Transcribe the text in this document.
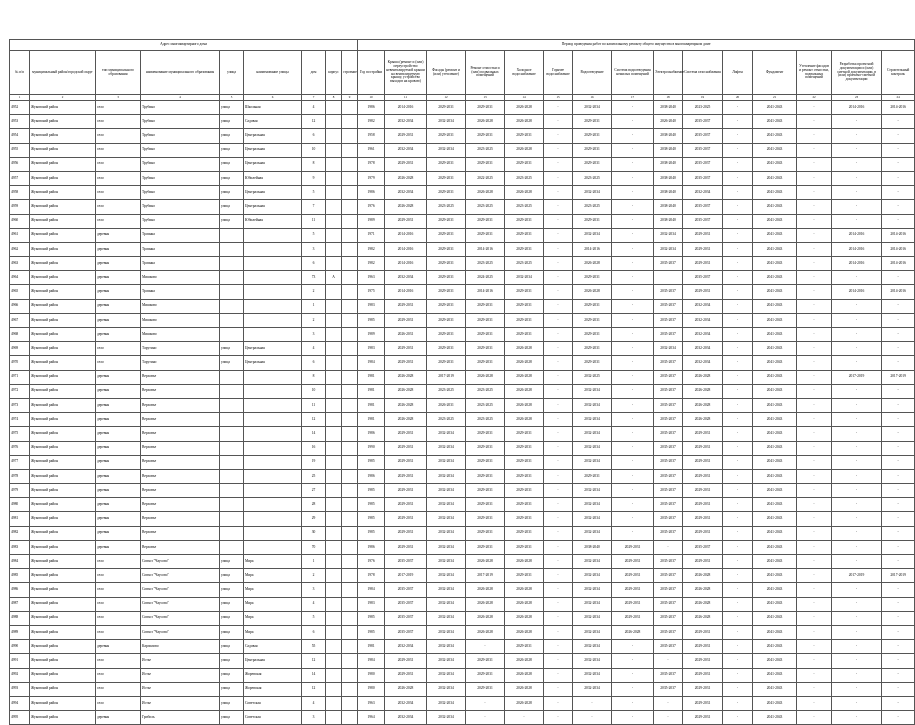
Адрес многоквартирного дома									Период проведения работ по капитальному ремонту общего имущества в многоквартирном доме														
№ п/п	муниципальный район/городской округ	тип муниципального образования	наименование муниципального образования	улица	наименование улицы	дом	корпус	строение	Год постройки	Крыша (ремонт и (или) переустройство невентилируемой крыши на вентилируемую крышу, устройство выходов на кровлю)	Фасады (ремонт и (или) утепление)	Ремонт отмостки и (или) подвальных помещений	Холодное водоснабжение	Горячее водоснабжение	Водоотведение	Система водоотведения нежилых помещений	Электроснабжение	Система газоснабжения	Лифты	Фундамент	Утепление фасадов и ремонт отмостки, подвальных помещений	Разработка проектной документации и (или) сметной документации, в (или) проектно-сметной документации	Строительный контроль
1	2	3	4	5	6	7	8	9	10	11	12	13	14	15	16	17	18	19	20	21	22	23	24
4952	Жуковский район	село	Трубино	улица	Школьная	4			1986	2014-2016	2029-2031	2029-2031	2026-2028	-	2032-2034	-	2038-2040	2023-2025	-	2041-2043	-	2014-2016	2014-2016
4953	Жуковский район	село	Трубино	улица	Садовая	12			1982	2032-2034	2032-2034	2026-2028	2026-2028	-	2029-2031	-	2026-2040	2035-2037	-	2041-2043	-	-	-
4954	Жуковский район	село	Трубино	улица	Центральная	6			1958	2029-2031	2029-2031	2029-2031	2029-2031	-	2029-2031	-	2038-2040	2035-2037	-	2041-2043	-	-	-
4955	Жуковский район	село	Трубино	улица	Центральная	10			1961	2032-2034	2032-2034	2023-2025	2026-2028	-	2029-2031	-	2038-2040	2035-2037	-	2041-2043	-	-	-
4956	Жуковский район	село	Трубино	улица	Центральная	8			1978	2029-2031	2029-2031	2029-2031	2029-2031	-	2029-2031	-	2038-2040	2035-2037	-	2041-2043	-	-	-
4957	Жуковский район	село	Трубино	улица	Юбилейная	9			1979	2026-2028	2029-2031	2022-2025	2023-2025	-	2023-2025	-	2038-2040	2035-2037	-	2041-2043	-	-	-
4958	Жуковский район	село	Трубино	улица	Центральная	5			1986	2032-2034	2029-2031	2026-2028	2026-2028	-	2032-2034	-	2038-2040	2032-2034	-	2041-2043	-	-	-
4959	Жуковский район	село	Трубино	улица	Центральная	7			1976	2026-2028	2023-2025	2023-2025	2023-2025	-	2023-2025	-	2038-2040	2035-2037	-	2041-2043	-	-	-
4960	Жуковский район	село	Трубино	улица	Юбилейная	11			1989	2029-2031	2029-2031	2029-2031	2029-2031	-	2029-2031	-	2038-2040	2035-2037	-	2041-2043	-	-	-
4961	Жуковский район	деревня	Троинка			5			1971	2014-2016	2029-2031	2029-2031	2029-2031	-	2032-2034	-	2032-2034	2029-2031	-	2041-2043	-	2014-2016	2014-2016
4962	Жуковский район	деревня	Троинка			3			1982	2014-2016	2029-2031	2014-2016	2029-2031	-	2014-2016	-	2032-2034	2029-2031	-	2041-2043	-	2014-2016	2014-2016
4963	Жуковский район	деревня	Троинка			6			1982	2014-2016	2029-2031	2023-2025	2023-2025	-	2026-2028	-	2035-2037	2029-2031	-	2041-2043	-	2014-2016	2014-2016
4964	Жуковский район	деревня	Мишково			73	А		1963	2032-2034	2029-2031	2024-2025	2032-2034	-	2029-2031	-		2035-2037	-	2041-2043	-	-	-
4965	Жуковский район	деревня	Троинка			2			1975	2014-2016	2029-2031	2014-2016	2029-2031	-	2026-2028	-	2035-2037	2029-2031	-	2041-2043	-	2014-2016	2014-2016
4966	Жуковский район	деревня	Мишково			1			1983	2029-2031	2029-2031	2029-2031	2029-2031	-	2029-2031	-	2035-2037	2032-2034	-	2041-2043	-	-	-
4967	Жуковский район	деревня	Мишково			2			1985	2029-2031	2029-2031	2029-2031	2029-2031	-	2029-2031	-	2035-2037	2032-2034	-	2041-2043	-	-	-
4968	Жуковский район	деревня	Мишково			3			1989	2026-2031	2029-2031	2029-2031	2029-2031	-	2029-2031	-	2035-2037	2032-2034	-	2041-2043	-	-	-
4969	Жуковский район	село	Тарутино	улица	Центральная	4			1983	2029-2031	2029-2031	2029-2031	2026-2028	-	2029-2031	-	2032-2034	2032-2034	-	2041-2043	-	-	-
4970	Жуковский район	село	Тарутино	улица	Центральная	6			1984	2029-2031	2029-2031	2029-2031	2026-2028	-	2029-2031	-	2035-2037	2032-2034	-	2041-2043	-	-	-
4971	Жуковский район	деревня	Верховье			8			1981	2026-2028	2017-2019	2026-2028	2026-2028	-	2032-2025	-	2035-2037	2026-2028	-	2041-2043	-	2017-2019	2017-2019
4972	Жуковский район	деревня	Верховье			10			1981	2026-2028	2023-2025	2023-2025	2026-2028	-	2032-2034	-	2035-2037	2026-2028	-	2041-2043	-	-	-
4973	Жуковский район	деревня	Верховье			11			1981	2026-2028	2026-2031	2023-2025	2026-2028	-	2032-2034	-	2035-2037	2026-2028	-	2041-2043	-	-	-
4974	Жуковский район	деревня	Верховье			12			1981	2026-2028	2023-2025	2023-2025	2026-2028	-	2032-2034	-	2035-2037	2026-2028	-	2041-2043	-	-	-
4975	Жуковский район	деревня	Верховье			14			1986	2029-2031	2032-2034	2029-2031	2029-2031	-	2032-2034	-	2035-2037	2029-2031	-	2041-2043	-	-	-
4976	Жуковский район	деревня	Верховье			16			1990	2029-2031	2032-2034	2029-2031	2029-2031	-	2032-2034	-	2035-2037	2029-2031	-	2041-2043	-	-	-
4977	Жуковский район	деревня	Верховье			19			1985	2029-2031	2032-2034	2029-2031	2029-2031	-	2032-2034	-	2035-2037	2029-2031	-	2041-2043	-	-	-
4978	Жуковский район	деревня	Верховье			25			1986	2029-2031	2032-2034	2029-2031	2029-2031	-	2029-2031	-	2035-2037	2029-2031	-	2041-2043	-	-	-
4979	Жуковский район	деревня	Верховье			27			1985	2029-2031	2032-2034	2029-2031	2029-2031	-	2032-2034	-	2035-2037	2029-2031	-	2041-2043	-	-	-
4980	Жуковский район	деревня	Верховье			28			1985	2029-2031	2032-2034	2029-2031	2029-2031	-	2032-2034	-	2035-2037	2029-2031	-	2041-2043	-	-	-
4981	Жуковский район	деревня	Верховье			29			1985	2029-2031	2032-2034	2029-2031	2029-2031	-	2032-2034	-	2035-2037	2029-2031	-	2041-2043	-	-	-
4982	Жуковский район	деревня	Верховье			30			1985	2029-2031	2032-2034	2029-2031	2029-2031	-	2032-2034	-	2035-2037	2029-2031	-	2041-2043	-	-	-
4983	Жуковский район	деревня	Верховье			70			1986	2029-2031	2032-2034	2029-2031	2029-2031	-	2038-2040	2029-2031	-	2035-2037	-	2041-2043	-	-	-
4984	Жуковский район	село	Совхоз "Чаусово"	улица	Мира	1			1976	2035-2037	2032-2034	2026-2028	2026-2028	-	2032-2034	2029-2031	2035-2037	2029-2031	-	2041-2043	-	-	-
4985	Жуковский район	село	Совхоз "Чаусово"	улица	Мира	2			1978	2017-2019	2032-2034	2017-2019	2029-2031	-	2032-2034	2029-2031	2035-2037	2026-2028	-	2041-2043	-	2017-2019	2017-2019
4986	Жуковский район	село	Совхоз "Чаусово"	улица	Мира	3			1984	2035-2037	2032-2034	2026-2028	2026-2028	-	2032-2034	2029-2031	2035-2037	2026-2028	-	2041-2043	-	-	-
4987	Жуковский район	село	Совхоз "Чаусово"	улица	Мира	4			1983	2035-2037	2032-2034	2026-2028	2026-2028	-	2032-2034	2029-2031	2035-2037	2026-2028	-	2041-2043	-	-	-
4988	Жуковский район	село	Совхоз "Чаусово"	улица	Мира	5			1985	2035-2037	2032-2034	2026-2028	2026-2028	-	2032-2034	2029-2031	2035-2037	2026-2028	-	2041-2043	-	-	-
4989	Жуковский район	село	Совхоз "Чаусово"	улица	Мира	6			1985	2035-2037	2032-2034	2026-2028	2026-2028	-	2032-2034	2026-2028	2035-2037	2029-2031	-	2041-2043	-	-	-
4990	Жуковский район	деревня	Карпилово	улица	Садовая	55			1981	2032-2034	2032-2034	-	2029-2031	-	2032-2034	-	2035-2037	2029-2031	-	2041-2043	-	-	-
4991	Жуковский район	село	Истье	улица	Центральная	12			1984	2029-2031	2032-2034	2029-2031	2026-2028	-	2032-2034	-	-	2029-2031	-	2041-2043	-	-	-
4992	Жуковский район	село	Истье	улица	Жоревская	14			1980	2029-2031	2032-2034	2029-2031	2026-2028	-	2032-2034	-	2035-2037	2029-2031	-	2041-2043	-	-	-
4993	Жуковский район	село	Истье	улица	Жоревская	12			1980	2026-2028	2032-2034	2029-2031	2026-2028	-	2032-2034	-	2035-2037	2029-2031	-	2041-2043	-	-	-
4994	Жуковский район	село	Истье	улица	Советская	4			1963	2032-2034	2032-2034	-	2026-2028	-	-	-	-	2029-2031	-	2041-2043	-	-	-
4995	Жуковский район	деревня	Гриболь	улица	Советская	3			1964	2032-2034	2032-2034	-	-	-	-	-	-	2029-2031	-	2041-2043	-	-	-
